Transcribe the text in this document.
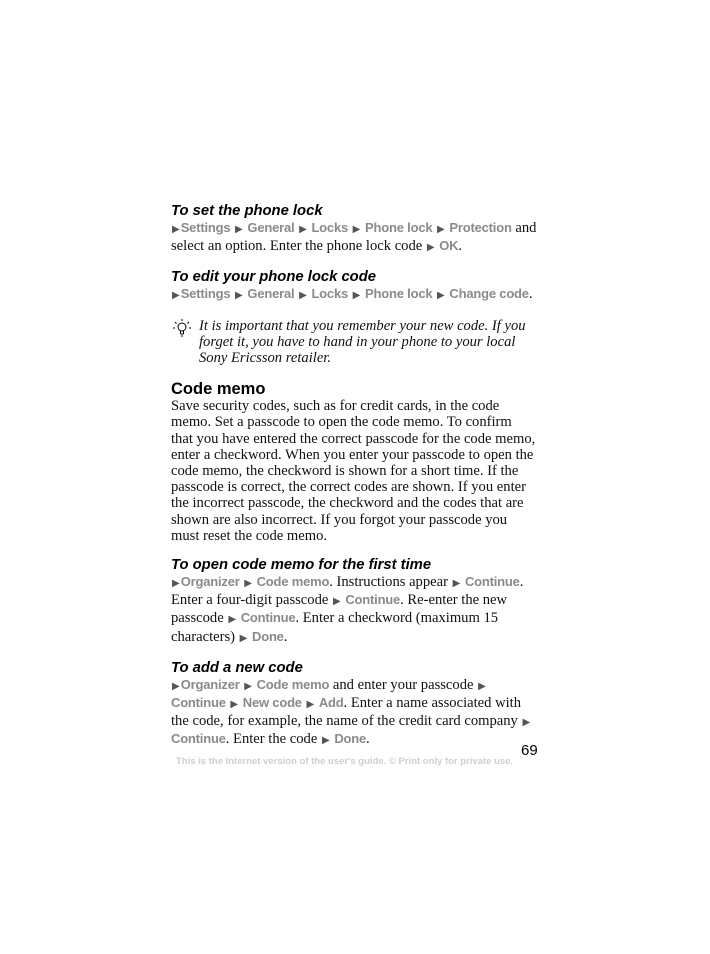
To set the phone lock

▶Settings ▶ General ▶ Locks ▶ Phone lock ▶ Protection and select an option. Enter the phone lock code ▶ OK.

To edit your phone lock code

▶Settings ▶ General ▶ Locks ▶ Phone lock ▶ Change code.

It is important that you remember your new code. If you forget it, you have to hand in your phone to your local Sony Ericsson retailer.
Code memo

Save security codes, such as for credit cards, in the code memo. Set a passcode to open the code memo. To confirm that you have entered the correct passcode for the code memo, enter a checkword. When you enter your passcode to open the code memo, the checkword is shown for a short time. If the passcode is correct, the correct codes are shown. If you enter the incorrect passcode, the checkword and the codes that are shown are also incorrect. If you forgot your passcode you must reset the code memo.

To open code memo for the first time

▶Organizer ▶ Code memo. Instructions appear ▶ Continue. Enter a four-digit passcode ▶ Continue. Re-enter the new passcode ▶ Continue. Enter a checkword (maximum 15 characters) ▶ Done.

To add a new code

▶Organizer ▶ Code memo and enter your passcode ▶ Continue ▶ New code ▶ Add. Enter a name associated with the code, for example, the name of the credit card company ▶ Continue. Enter the code ▶ Done.

69
This is the Internet version of the user's guide. © Print only for private use.
